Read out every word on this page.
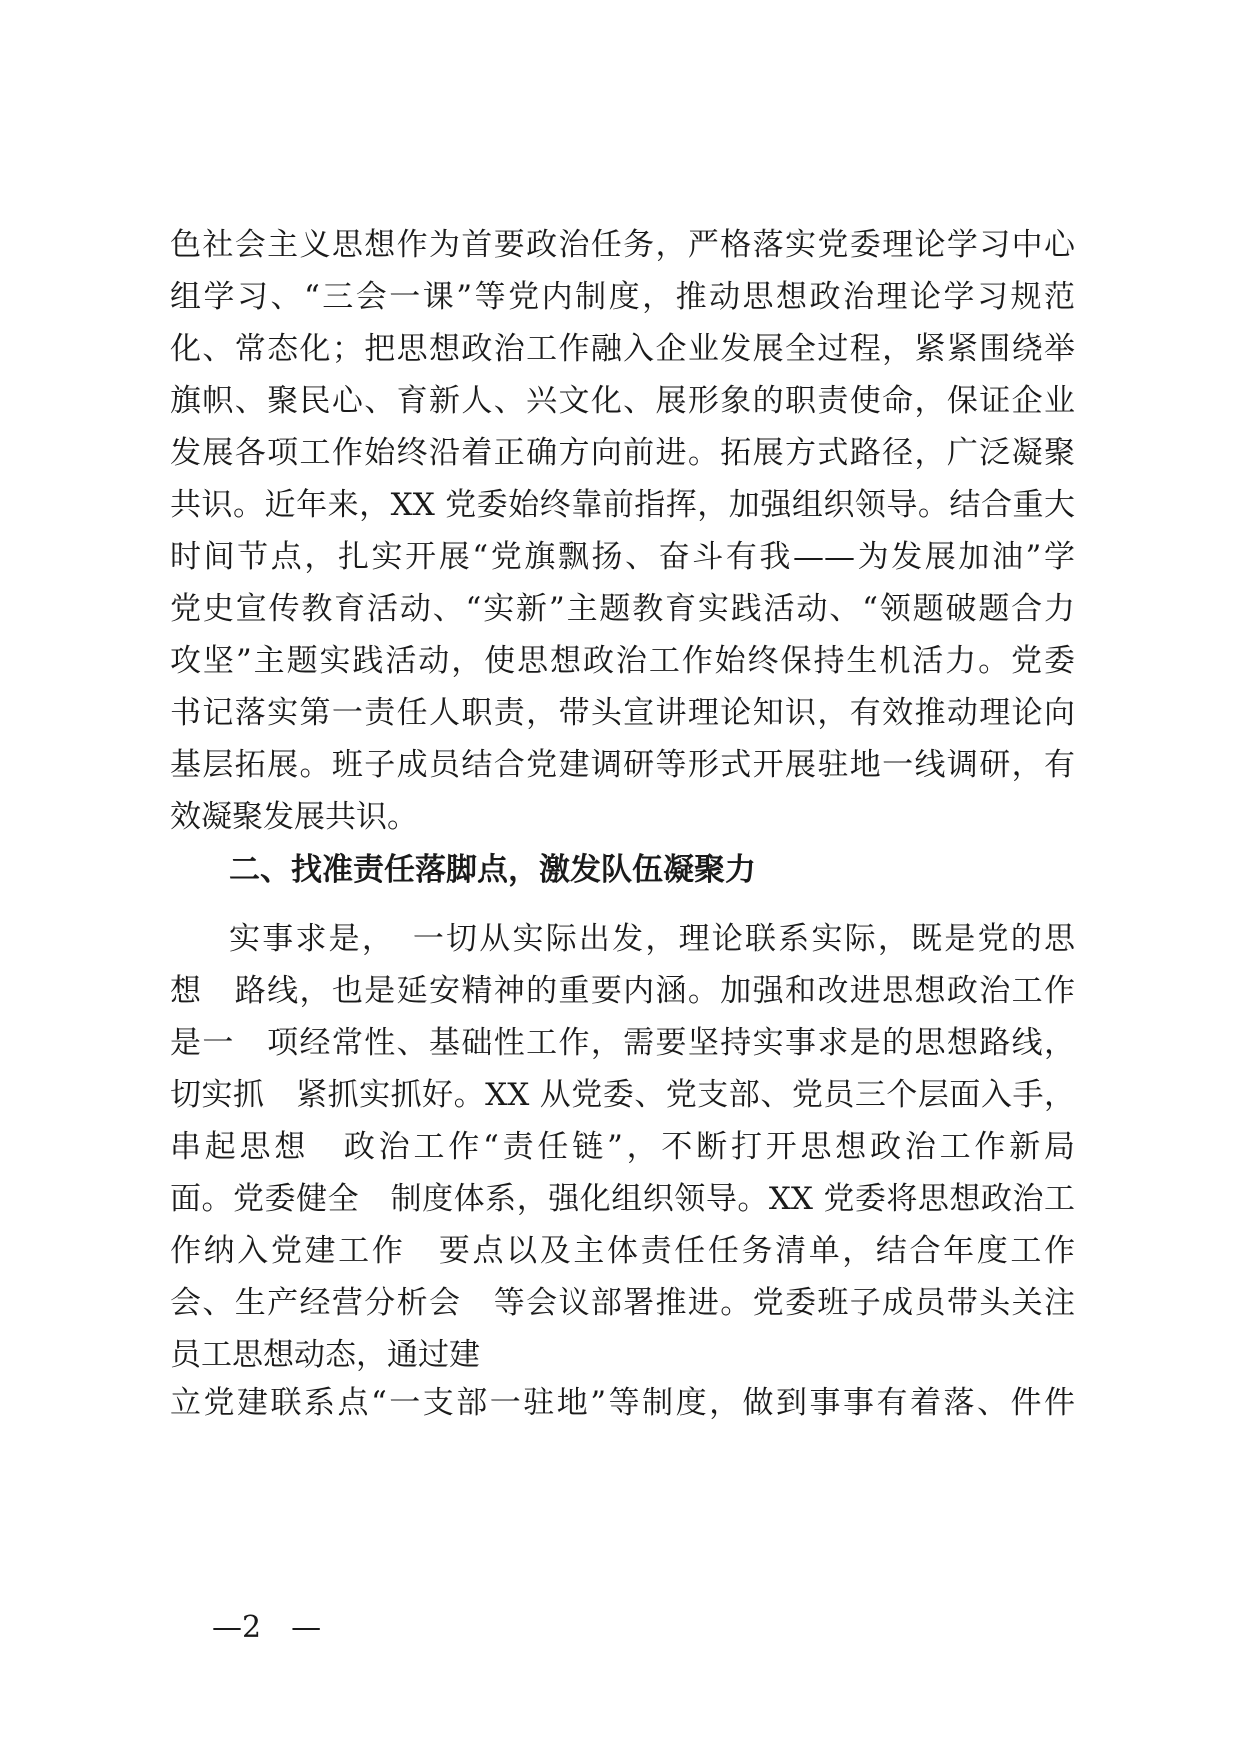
色社会主义思想作为首要政治任务，严格落实党委理论学习中心
组学习、“三会一课”等党内制度，推动思想政治理论学习规范
化、常态化；把思想政治工作融入企业发展全过程，紧紧围绕举
旗帜、聚民心、育新人、兴文化、展形象的职责使命，保证企业
发展各项工作始终沿着正确方向前进。拓展方式路径，广泛凝聚
共识。近年来，XX 党委始终靠前指挥，加强组织领导。结合重大
时间节点，扎实开展“党旗飘扬、奋斗有我——为发展加油”学
党史宣传教育活动、“实新”主题教育实践活动、“领题破题合力
攻坚”主题实践活动，使思想政治工作始终保持生机活力。党委
书记落实第一责任人职责，带头宣讲理论知识，有效推动理论向
基层拓展。班子成员结合党建调研等形式开展驻地一线调研，有
效凝聚发展共识。
二、找准责任落脚点，激发队伍凝聚力
实事求是，　一切从实际出发，理论联系实际，既是党的思
想　路线，也是延安精神的重要内涵。加强和改进思想政治工作
是一　项经常性、基础性工作，需要坚持实事求是的思想路线，
切实抓　紧抓实抓好。XX 从党委、党支部、党员三个层面入手，
串起思想　政治工作“责任链”，不断打开思想政治工作新局
面。党委健全　制度体系，强化组织领导。XX 党委将思想政治工
作纳入党建工作　要点以及主体责任任务清单，结合年度工作
会、生产经营分析会　等会议部署推进。党委班子成员带头关注
员工思想动态，通过建
立党建联系点“一支部一驻地”等制度，做到事事有着落、件件
—2　—
